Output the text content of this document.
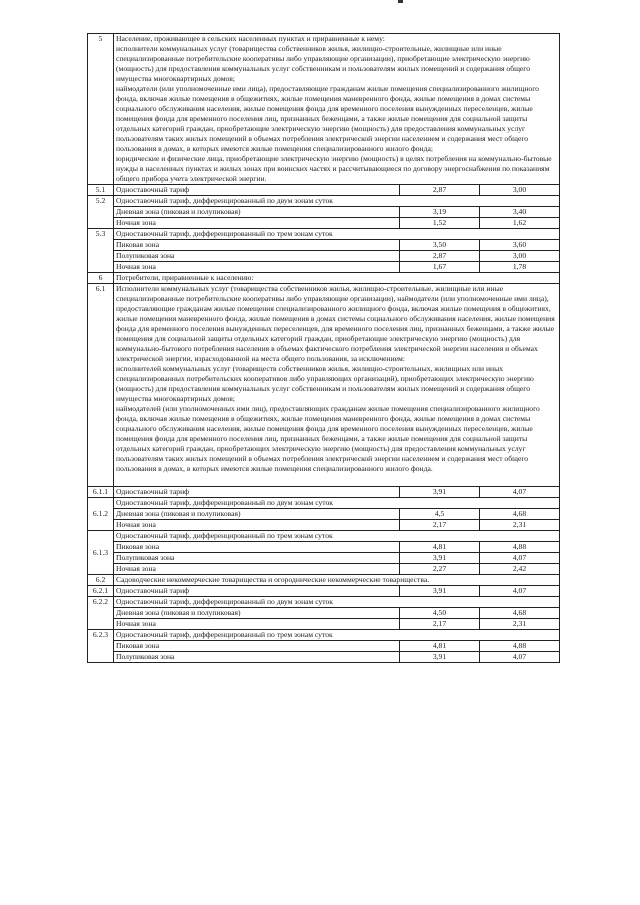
5	Население, проживающее в сельских населенных пунктах и приравненные к нему:
исполнители коммунальных услуг (товарищества собственников жилья, жилищно-строительные, жилищные или иные специализированные потребительские кооперативы либо управляющие организации), приобретающие электрическую энергию (мощность) для предоставления коммунальных услуг собственникам и пользователям жилых помещений и содержания общего имущества многоквартирных домов;
наймодатели (или уполномоченные ими лица), предоставляющие гражданам жилые помещения специализированного жилищного фонда, включая жилые помещения в общежитиях, жилые помещения маневренного фонда, жилые помещения в домах системы социального обслуживания населения, жилые помещения фонда для временного поселения вынужденных переселенцев, жилые помещения фонда для временного поселения лиц, признанных беженцами, а также жилые помещения для социальной защиты отдельных категорий граждан, приобретающие электрическую энергию (мощность) для предоставления коммунальных услуг пользователям таких жилых помещений в объемах потребления электрической энергии населением и содержания мест общего пользования в домах, в которых имеются жилые помещения специализированного жилого фонда;
юридические и физические лица, приобретающие электрическую энергию (мощность) в целях потребления на коммунально-бытовые нужды в населенных пунктах и жилых зонах при воинских частях и рассчитывающиеся по договору энергоснабжения по показаниям общего прибора учета электрической энергии.		
5.1	Одноставочный тариф	2,87	3,00
5.2	Одноставочный тариф, дифференцированный по двум зонам суток		
	Дневная зона (пиковая и полупиковая)	3,19	3,40
	Ночная зона	1,52	1,62
5.3	Одноставочный тариф, дифференцированный по трем зонам суток		
	Пиковая зона	3,50	3,60
	Полупиковая зона	2,87	3,00
	Ночная зона	1,67	1,78
6	Потребители, приравненные к населению:		
6.1	Исполнители коммунальных услуг (товарищества собственников жилья, жилищно-строительные, жилищные или иные специализированные потребительские кооперативы либо управляющие организации), наймодатели (или уполномоченные ими лица), предоставляющие гражданам жилые помещения специализированного жилищного фонда, включая жилые помещения в общежитиях, жилые помещения маневренного фонда, жилые помещения в домах системы социального обслуживания населения, жилые помещения фонда для временного поселения вынужденных переселенцев, для временного поселения лиц, признанных беженцами, а также жилые помещения для социальной защиты отдельных категорий граждан, приобретающие электрическую энергию (мощность) для коммунально-бытового потребления населения в объемах фактического потребления электрической энергии населения и объемах электрической энергии, израсходованной на места общего пользования, за исключением:
исполнителей коммунальных услуг (товариществ собственников жилья, жилищно-строительных, жилищных или иных специализированных потребительских кооперативов либо управляющих организаций), приобретающих электрическую энергию (мощность) для предоставления коммунальных услуг собственникам и пользователям жилых помещений и содержания общего имущества многоквартирных домов;
наймодателей (или уполномоченных ими лиц), предоставляющих гражданам жилые помещения специализированного жилищного фонда, включая жилые помещения в общежитиях, жилые помещения маневренного фонда, жилые помещения в домах системы социального обслуживания населения, жилые помещения фонда для временного поселения вынужденных переселенцев, жилые помещения фонда для временного поселения лиц, признанных беженцами, а также жилые помещения для социальной защиты отдельных категорий граждан, приобретающих электрическую энергию (мощность) для предоставления коммунальных услуг пользователям таких жилых помещений в объемах потребления электрической энергии населением и содержания мест общего пользования в домах, в которых имеются жилые помещения специализированного жилого фонда.		
6.1.1	Одноставочный тариф	3,91	4,07
6.1.2	Одноставочный тариф, дифференцированный по двум зонам суток		
	Дневная зона (пиковая и полупиковая)	4,5	4,68
	Ночная зона	2,17	2,31
6.1.3	Одноставочный тариф, дифференцированный по трем зонам суток		
	Пиковая зона	4,81	4,88
	Полупиковая зона	3,91	4,07
	Ночная зона	2,27	2,42
6.2	Садоводческие некоммерческие товарищества и огороднические некоммерческие товарищества.		
6.2.1	Одноставочный тариф	3,91	4,07
6.2.2	Одноставочный тариф, дифференцированный по двум зонам суток		
	Дневная зона (пиковая и полупиковая)	4,50	4,68
	Ночная зона	2,17	2,31
6.2.3	Одноставочный тариф, дифференцированный по трем зонам суток		
	Пиковая зона	4,81	4,88
	Полупиковая зона	3,91	4,07
